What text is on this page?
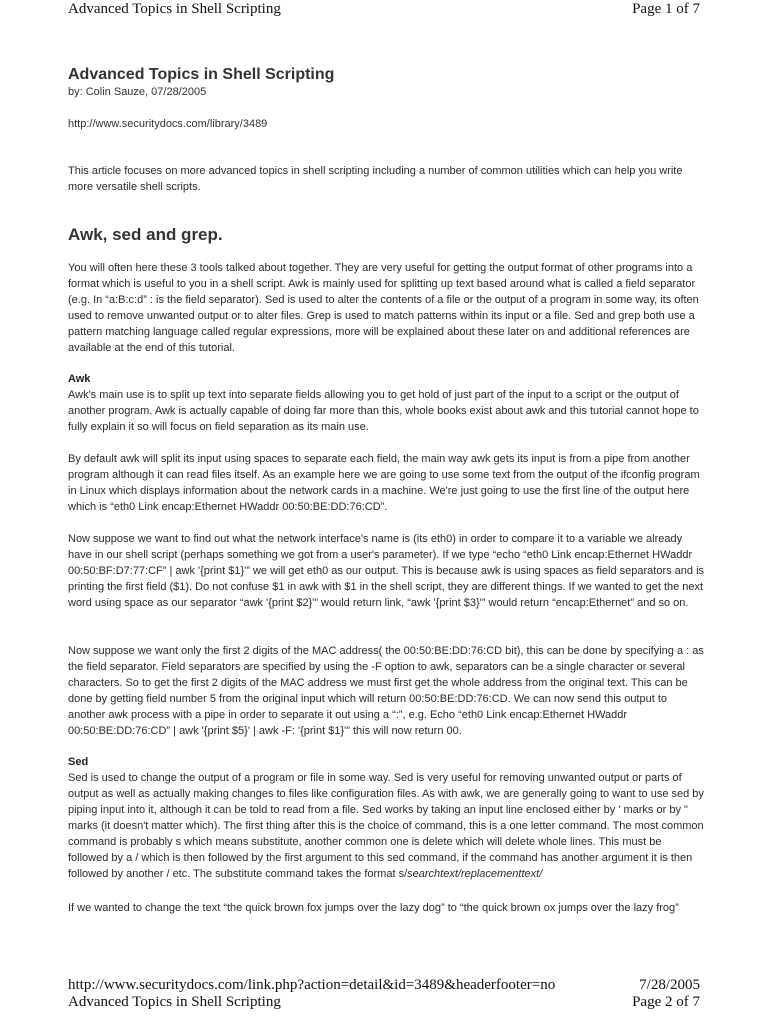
Advanced Topics in Shell Scripting	Page 1 of 7
Advanced Topics in Shell Scripting
by: Colin Sauze, 07/28/2005
http://www.securitydocs.com/library/3489

This article focuses on more advanced topics in shell scripting including a number of common utilities which can help you write more versatile shell scripts.

Awk, sed and grep.

You will often here these 3 tools talked about together. They are very useful for getting the output format of other programs into a format which is useful to you in a shell script. Awk is mainly used for splitting up text based around what is called a field separator (e.g. In “a:B:c:d” : is the field separator). Sed is used to alter the contents of a file or the output of a program in some way, its often used to remove unwanted output or to alter files. Grep is used to match patterns within its input or a file. Sed and grep both use a pattern matching language called regular expressions, more will be explained about these later on and additional references are available at the end of this tutorial.

Awk

Awk's main use is to split up text into separate fields allowing you to get hold of just part of the input to a script or the output of another program. Awk is actually capable of doing far more than this, whole books exist about awk and this tutorial cannot hope to fully explain it so will focus on field separation as its main use.

By default awk will split its input using spaces to separate each field, the main way awk gets its input is from a pipe from another program although it can read files itself. As an example here we are going to use some text from the output of the ifconfig program in Linux which displays information about the network cards in a machine. We're just going to use the first line of the output here which is “eth0 Link encap:Ethernet HWaddr 00:50:BE:DD:76:CD”.

Now suppose we want to find out what the network interface's name is (its eth0) in order to compare it to a variable we already have in our shell script (perhaps something we got from a user's parameter). If we type “echo “eth0 Link encap:Ethernet HWaddr 00:50:BF:D7:77:CF” | awk '{print $1}'” we will get eth0 as our output. This is because awk is using spaces as field separators and is printing the first field ($1). Do not confuse $1 in awk with $1 in the shell script, they are different things. If we wanted to get the next word using space as our separator “awk '{print $2}'” would return link, “awk '{print $3}'” would return “encap:Ethernet” and so on.

Now suppose we want only the first 2 digits of the MAC address( the 00:50:BE:DD:76:CD bit), this can be done by specifying a : as the field separator. Field separators are specified by using the -F option to awk, separators can be a single character or several characters. So to get the first 2 digits of the MAC address we must first get the whole address from the original text. This can be done by getting field number 5 from the original input which will return 00:50:BE:DD:76:CD. We can now send this output to another awk process with a pipe in order to separate it out using a “:”, e.g. Echo “eth0 Link encap:Ethernet HWaddr 00:50:BE:DD:76:CD” | awk '{print $5}' | awk -F: '{print $1}'” this will now return 00.

Sed

Sed is used to change the output of a program or file in some way. Sed is very useful for removing unwanted output or parts of output as well as actually making changes to files like configuration files. As with awk, we are generally going to want to use sed by piping input into it, although it can be told to read from a file. Sed works by taking an input line enclosed either by ' marks or by " marks (it doesn't matter which). The first thing after this is the choice of command, this is a one letter command. The most common command is probably s which means substitute, another common one is delete which will delete whole lines. This must be followed by a / which is then followed by the first argument to this sed command, if the command has another argument it is then followed by another / etc. The substitute command takes the format s/searchtext/replacementtext/

If we wanted to change the text “the quick brown fox jumps over the lazy dog” to “the quick brown ox jumps over the lazy frog”

http://www.securitydocs.com/link.php?action=detail&id=3489&headerfooter=no	7/28/2005
Advanced Topics in Shell Scripting	Page 2 of 7
